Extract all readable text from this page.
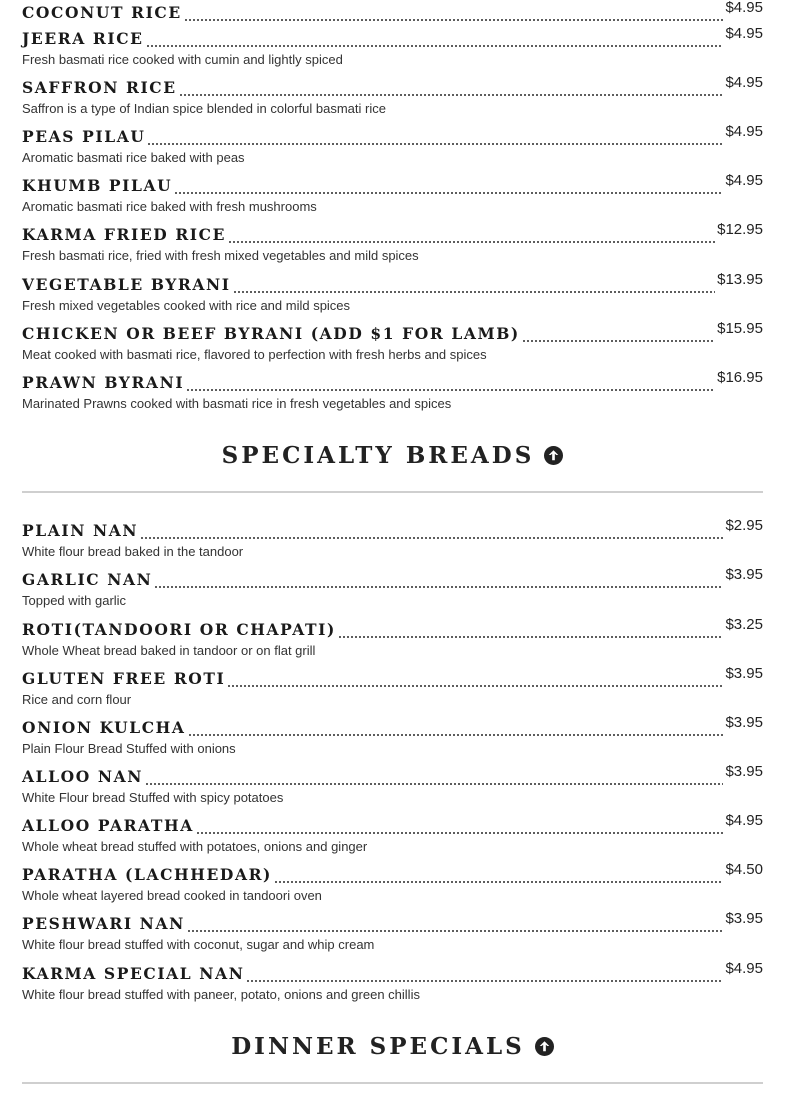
COCONUT RICE	$4.95
JEERA RICE	$4.95
Fresh basmati rice cooked with cumin and lightly spiced
SAFFRON RICE	$4.95
Saffron is a type of Indian spice blended in colorful basmati rice
PEAS PILAU	$4.95
Aromatic basmati rice baked with peas
KHUMB PILAU	$4.95
Aromatic basmati rice baked with fresh mushrooms
KARMA FRIED RICE	$12.95
Fresh basmati rice, fried with fresh mixed vegetables and mild spices
VEGETABLE BYRANI	$13.95
Fresh mixed vegetables cooked with rice and mild spices
CHICKEN OR BEEF BYRANI (ADD $1 FOR LAMB)	$15.95
Meat cooked with basmati rice, flavored to perfection with fresh herbs and spices
PRAWN BYRANI	$16.95
Marinated Prawns cooked with basmati rice in fresh vegetables and spices
SPECIALTY BREADS
PLAIN NAN	$2.95
White flour bread baked in the tandoor
GARLIC NAN	$3.95
Topped with garlic
ROTI(TANDOORI OR CHAPATI)	$3.25
Whole Wheat bread baked in tandoor or on flat grill
GLUTEN FREE ROTI	$3.95
Rice and corn flour
ONION KULCHA	$3.95
Plain Flour Bread Stuffed with onions
ALLOO NAN	$3.95
White Flour bread Stuffed with spicy potatoes
ALLOO PARATHA	$4.95
Whole wheat bread stuffed with potatoes, onions and ginger
PARATHA (LACHHEDAR)	$4.50
Whole wheat layered bread cooked in tandoori oven
PESHWARI NAN	$3.95
White flour bread stuffed with coconut, sugar and whip cream
KARMA SPECIAL NAN	$4.95
White flour bread stuffed with paneer, potato, onions and green chillis
DINNER SPECIALS
